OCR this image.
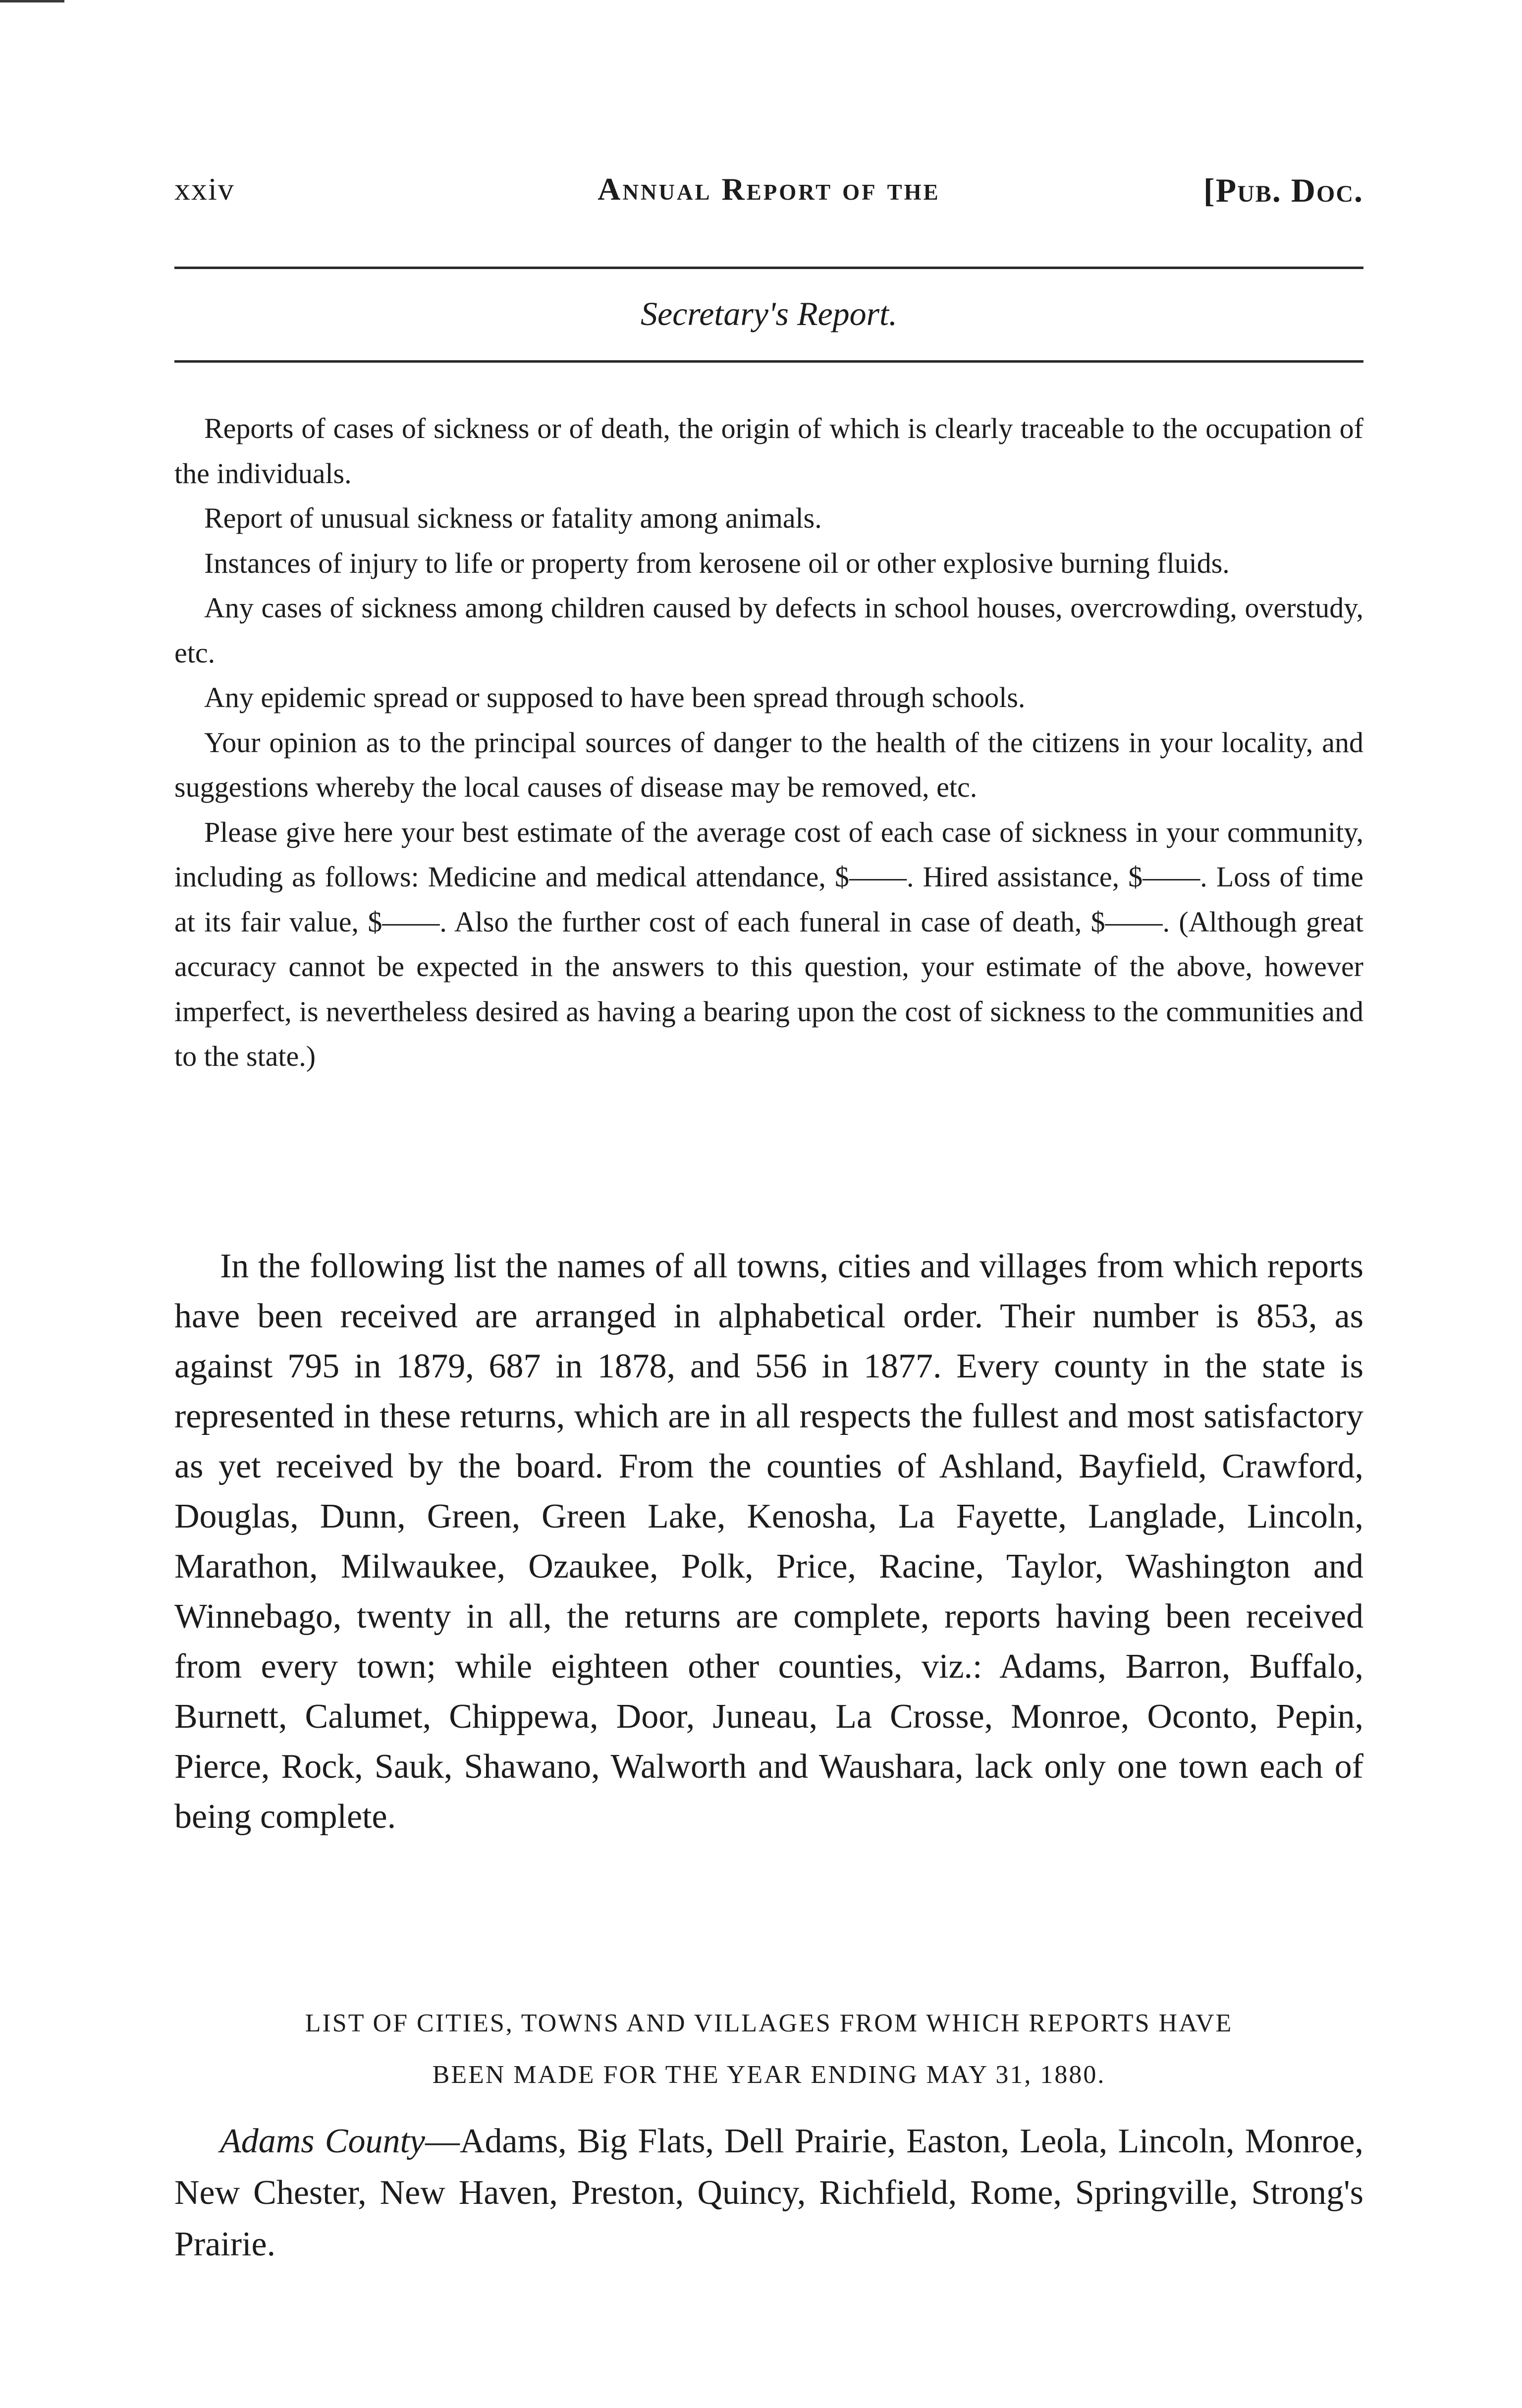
xxiv	Annual Report of the	[Pub. Doc.
Secretary's Report.

Reports of cases of sickness or of death, the origin of which is clearly traceable to the occupation of the individuals.

Report of unusual sickness or fatality among animals.

Instances of injury to life or property from kerosene oil or other explosive burning fluids.

Any cases of sickness among children caused by defects in school houses, overcrowding, overstudy, etc.

Any epidemic spread or supposed to have been spread through schools.

Your opinion as to the principal sources of danger to the health of the citizens in your locality, and suggestions whereby the local causes of disease may be removed, etc.

Please give here your best estimate of the average cost of each case of sickness in your community, including as follows: Medicine and medical attendance, $——. Hired assistance, $——. Loss of time at its fair value, $——. Also the further cost of each funeral in case of death, $——. (Although great accuracy cannot be expected in the answers to this question, your estimate of the above, however imperfect, is nevertheless desired as having a bearing upon the cost of sickness to the communities and to the state.)

In the following list the names of all towns, cities and villages from which reports have been received are arranged in alphabetical order. Their number is 853, as against 795 in 1879, 687 in 1878, and 556 in 1877. Every county in the state is represented in these returns, which are in all respects the fullest and most satisfactory as yet received by the board. From the counties of Ashland, Bayfield, Crawford, Douglas, Dunn, Green, Green Lake, Kenosha, La Fayette, Langlade, Lincoln, Marathon, Milwaukee, Ozaukee, Polk, Price, Racine, Taylor, Washington and Winnebago, twenty in all, the returns are complete, reports having been received from every town; while eighteen other counties, viz.: Adams, Barron, Buffalo, Burnett, Calumet, Chippewa, Door, Juneau, La Crosse, Monroe, Oconto, Pepin, Pierce, Rock, Sauk, Shawano, Walworth and Waushara, lack only one town each of being complete.

LIST OF CITIES, TOWNS AND VILLAGES FROM WHICH REPORTS HAVE
BEEN MADE FOR THE YEAR ENDING MAY 31, 1880.

Adams County—Adams, Big Flats, Dell Prairie, Easton, Leola, Lincoln, Monroe, New Chester, New Haven, Preston, Quincy, Richfield, Rome, Springville, Strong's Prairie.
